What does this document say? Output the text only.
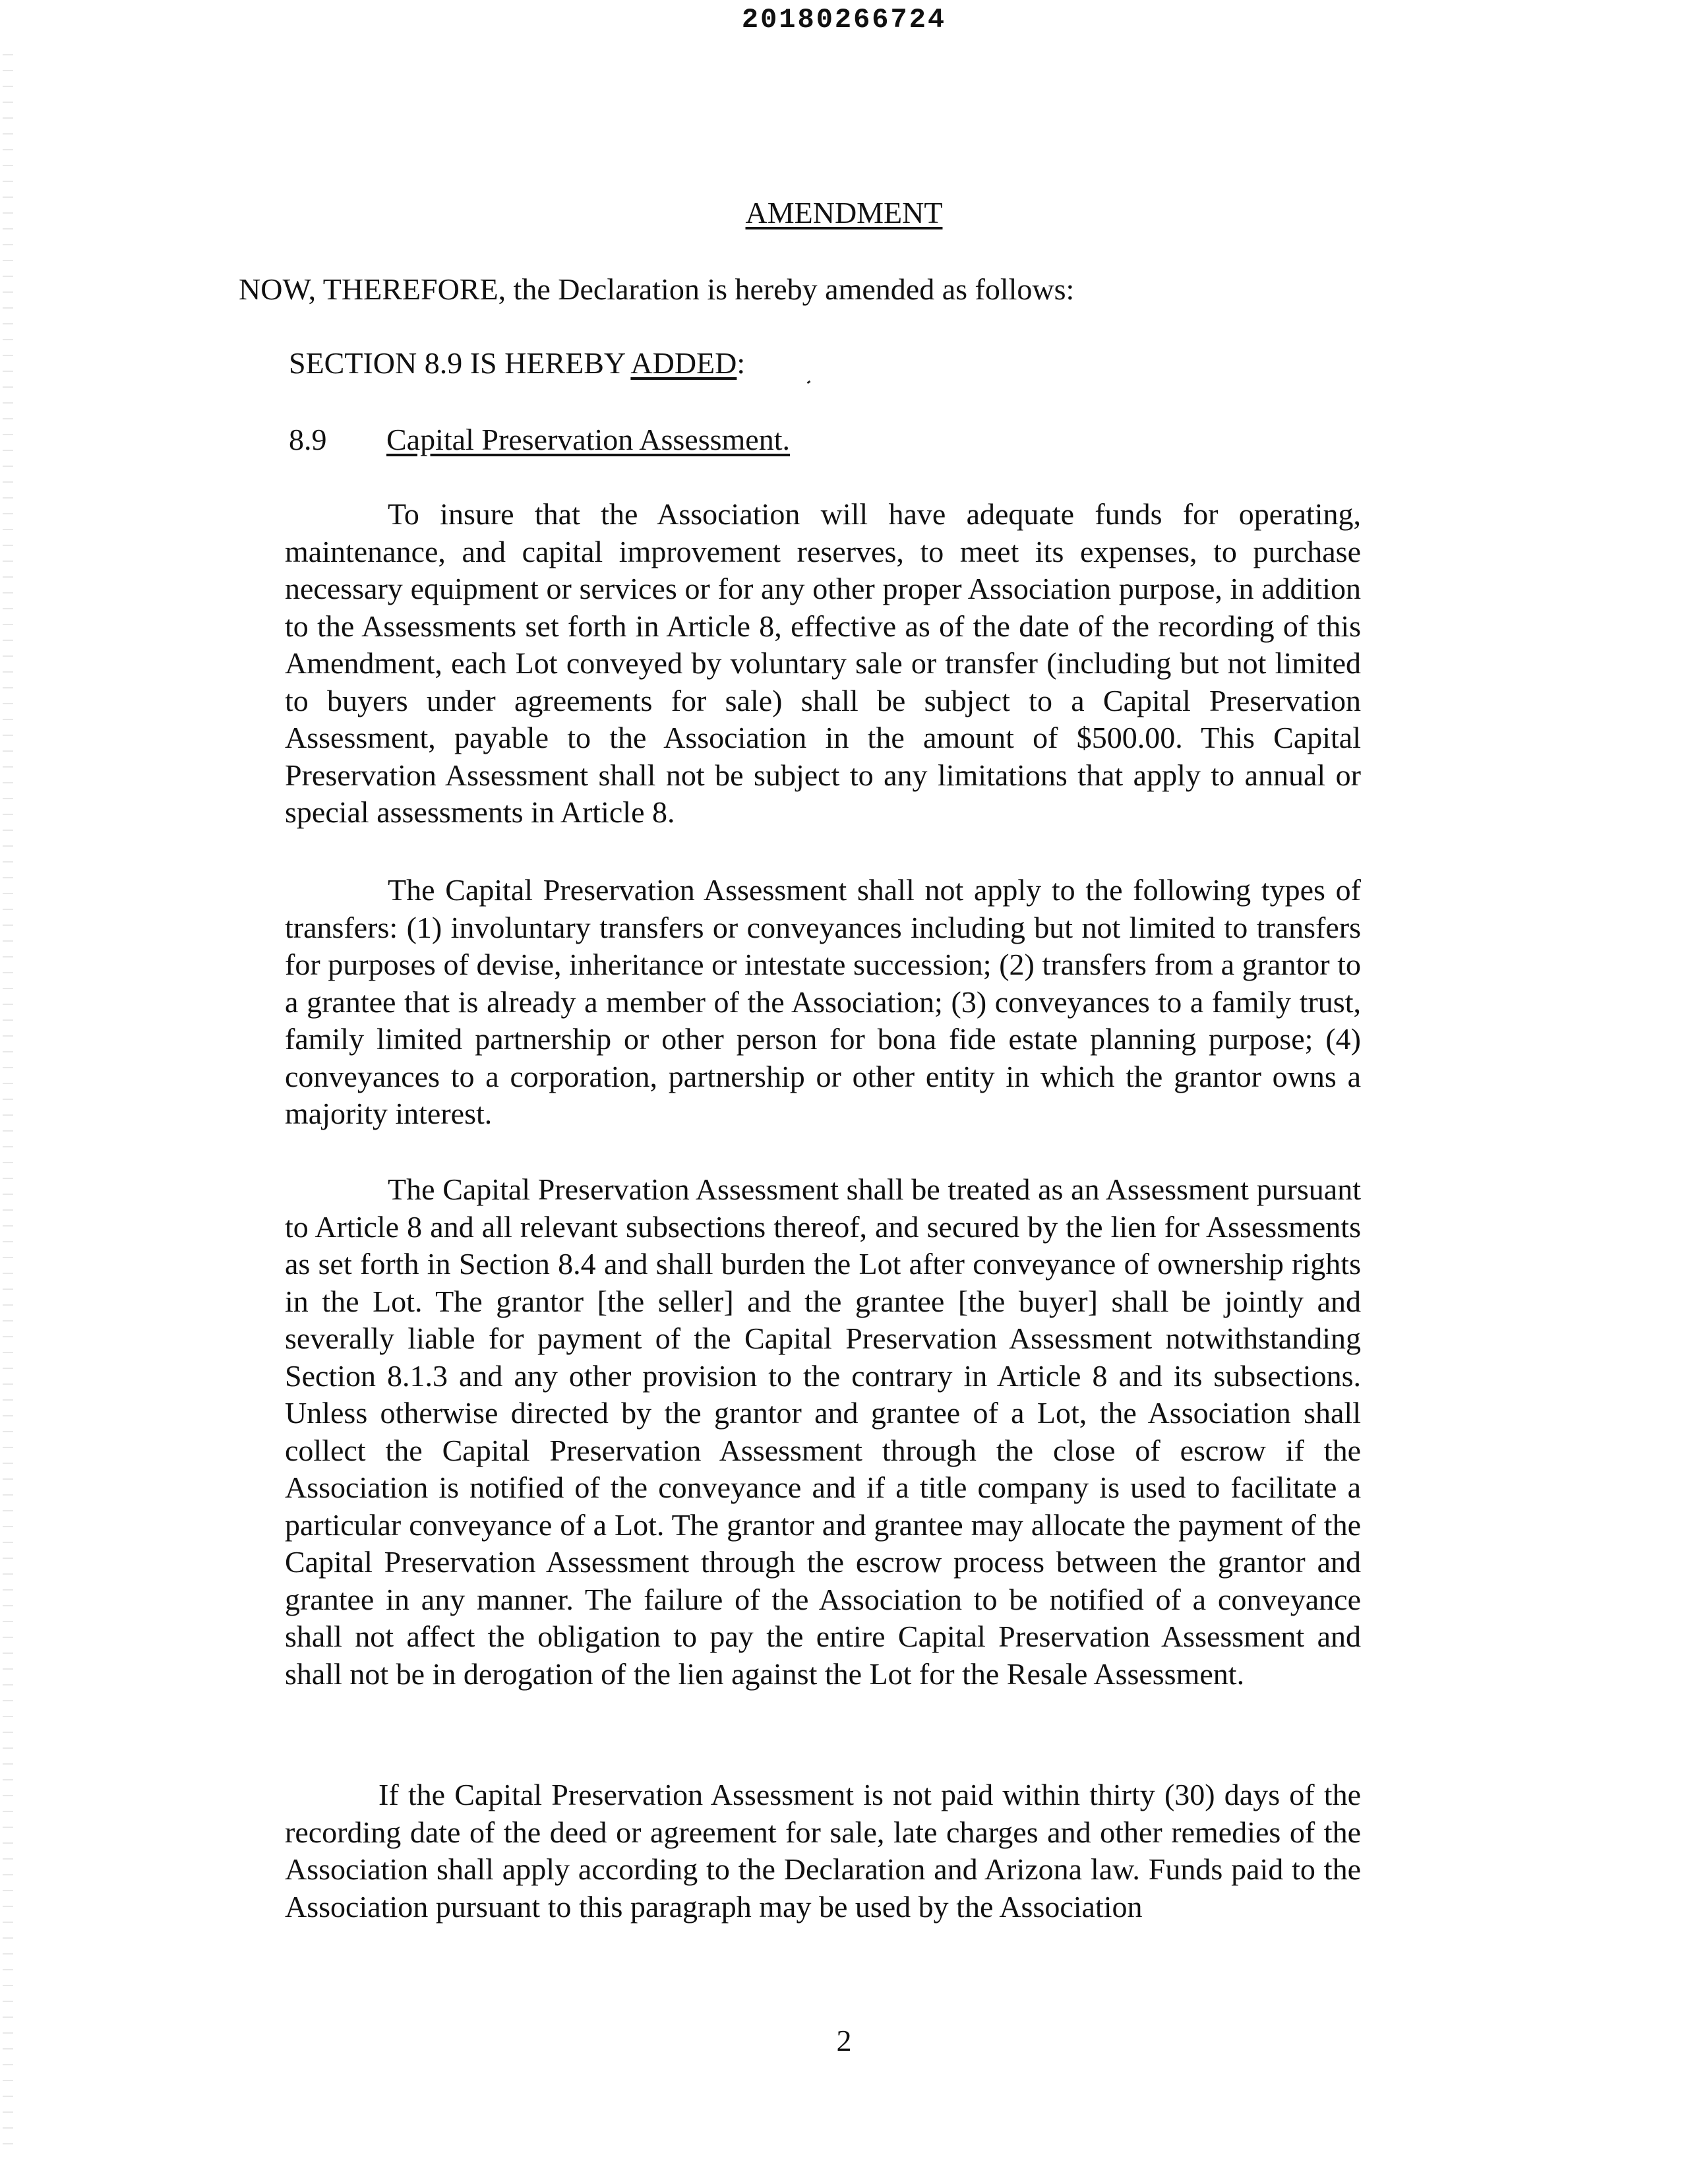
20180266724
AMENDMENT
NOW, THEREFORE, the Declaration is hereby amended as follows:
SECTION 8.9 IS HEREBY ADDED:
8.9 Capital Preservation Assessment.

To insure that the Association will have adequate funds for operating, maintenance, and capital improvement reserves, to meet its expenses, to purchase necessary equipment or services or for any other proper Association purpose, in addition to the Assessments set forth in Article 8, effective as of the date of the recording of this Amendment, each Lot conveyed by voluntary sale or transfer (including but not limited to buyers under agreements for sale) shall be subject to a Capital Preservation Assessment, payable to the Association in the amount of $500.00. This Capital Preservation Assessment shall not be subject to any limitations that apply to annual or special assessments in Article 8.

The Capital Preservation Assessment shall not apply to the following types of transfers: (1) involuntary transfers or conveyances including but not limited to transfers for purposes of devise, inheritance or intestate succession; (2) transfers from a grantor to a grantee that is already a member of the Association; (3) conveyances to a family trust, family limited partnership or other person for bona fide estate planning purpose; (4) conveyances to a corporation, partnership or other entity in which the grantor owns a majority interest.

The Capital Preservation Assessment shall be treated as an Assessment pursuant to Article 8 and all relevant subsections thereof, and secured by the lien for Assessments as set forth in Section 8.4 and shall burden the Lot after conveyance of ownership rights in the Lot. The grantor [the seller] and the grantee [the buyer] shall be jointly and severally liable for payment of the Capital Preservation Assessment notwithstanding Section 8.1.3 and any other provision to the contrary in Article 8 and its subsections. Unless otherwise directed by the grantor and grantee of a Lot, the Association shall collect the Capital Preservation Assessment through the close of escrow if the Association is notified of the conveyance and if a title company is used to facilitate a particular conveyance of a Lot. The grantor and grantee may allocate the payment of the Capital Preservation Assessment through the escrow process between the grantor and grantee in any manner. The failure of the Association to be notified of a conveyance shall not affect the obligation to pay the entire Capital Preservation Assessment and shall not be in derogation of the lien against the Lot for the Resale Assessment.

If the Capital Preservation Assessment is not paid within thirty (30) days of the recording date of the deed or agreement for sale, late charges and other remedies of the Association shall apply according to the Declaration and Arizona law. Funds paid to the Association pursuant to this paragraph may be used by the Association

2
